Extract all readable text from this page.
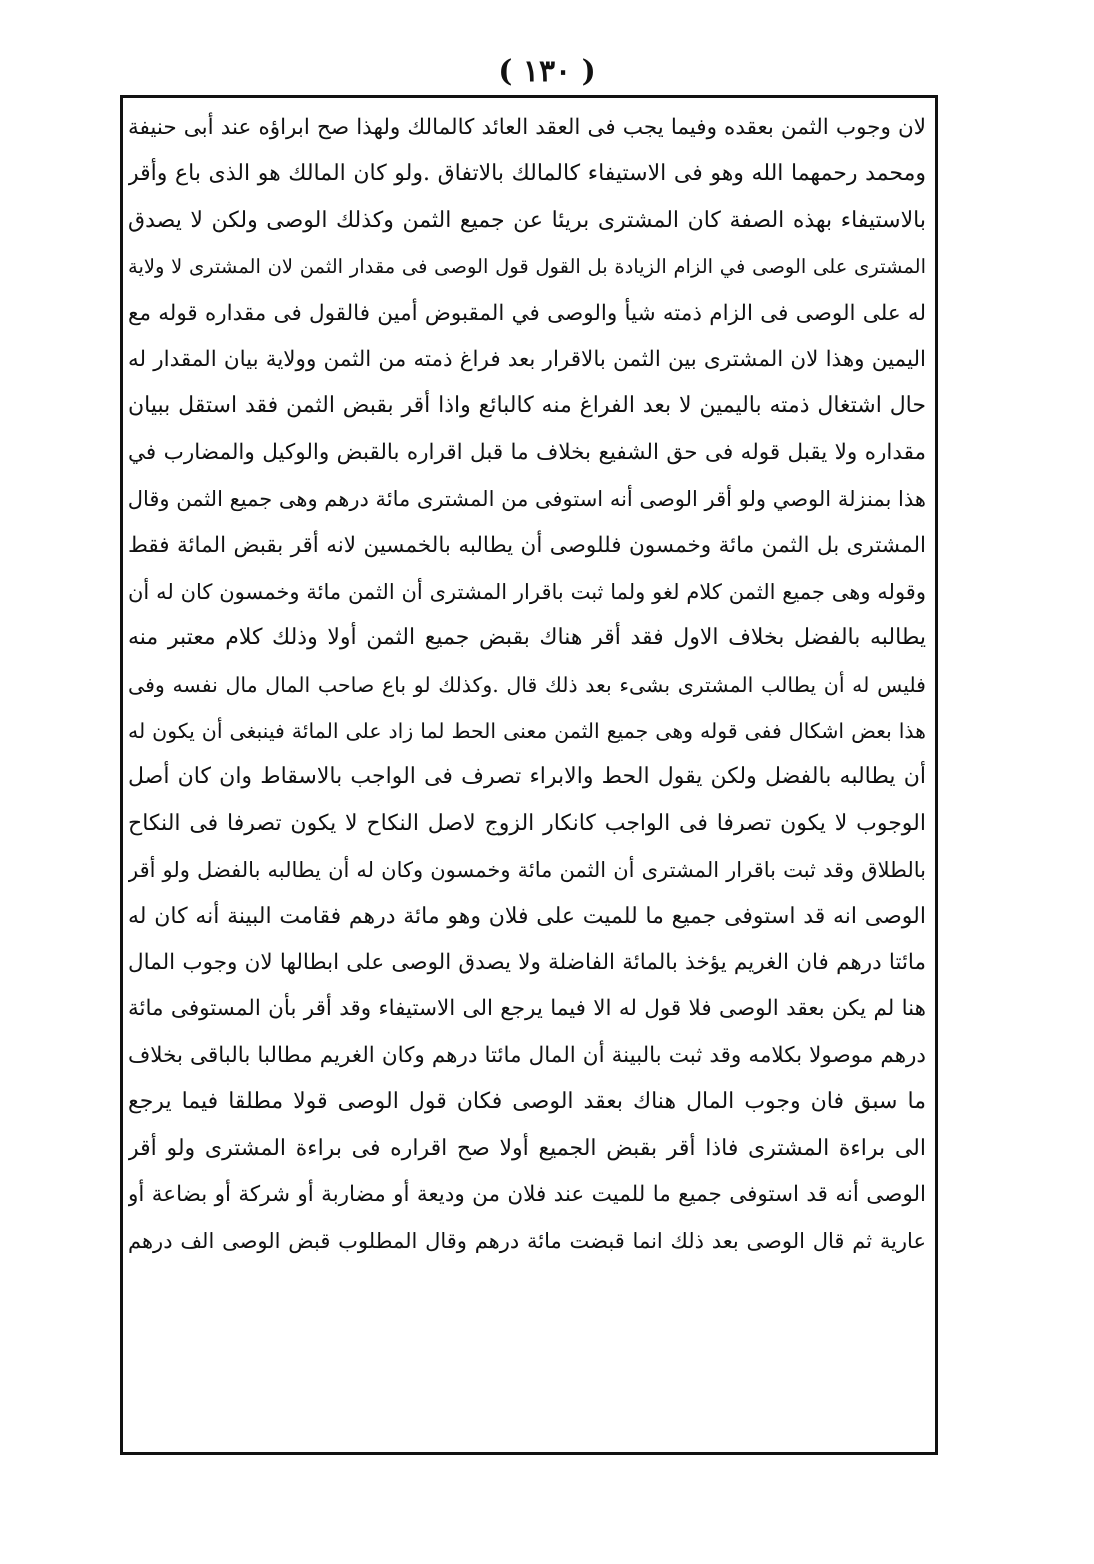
( ١٣٠ )
لان وجوب الثمن بعقده وفيما يجب فى العقد العائد كالمالك ولهذا صح ابراؤه عند أبى حنيفة
ومحمد رحمهما الله وهو فى الاستيفاء كالمالك بالاتفاق .ولو كان المالك هو الذى باع وأقر
بالاستيفاء بهذه الصفة كان المشترى بريئا عن جميع الثمن وكذلك الوصى ولكن لا يصدق
المشترى على الوصى في الزام الزيادة بل القول قول الوصى فى مقدار الثمن لان المشترى لا ولاية
له على الوصى فى الزام ذمته شيأ والوصى في المقبوض أمين فالقول فى مقداره قوله مع
اليمين وهذا لان المشترى بين الثمن بالاقرار بعد فراغ ذمته من الثمن وولاية بيان المقدار له
حال اشتغال ذمته باليمين لا بعد الفراغ منه كالبائع واذا أقر بقبض الثمن فقد استقل ببيان
مقداره ولا يقبل قوله فى حق الشفيع بخلاف ما قبل اقراره بالقبض والوكيل والمضارب في
هذا بمنزلة الوصي ولو أقر الوصى أنه استوفى من المشترى مائة درهم وهى جميع الثمن وقال
المشترى بل الثمن مائة وخمسون فللوصى أن يطالبه بالخمسين لانه أقر بقبض المائة فقط
وقوله وهى جميع الثمن كلام لغو ولما ثبت باقرار المشترى أن الثمن مائة وخمسون كان له أن
يطالبه بالفضل بخلاف الاول فقد أقر هناك بقبض جميع الثمن أولا وذلك كلام معتبر منه
فليس له أن يطالب المشترى بشىء بعد ذلك قال .وكذلك لو باع صاحب المال مال نفسه وفى
هذا بعض اشكال ففى قوله وهى جميع الثمن معنى الحط لما زاد على المائة فينبغى أن يكون له
أن يطالبه بالفضل ولكن يقول الحط والابراء تصرف فى الواجب بالاسقاط وان كان أصل
الوجوب لا يكون تصرفا فى الواجب كانكار الزوج لاصل النكاح لا يكون تصرفا فى النكاح
بالطلاق وقد ثبت باقرار المشترى أن الثمن مائة وخمسون وكان له أن يطالبه بالفضل ولو أقر
الوصى انه قد استوفى جميع ما للميت على فلان وهو مائة درهم فقامت البينة أنه كان له
مائتا درهم فان الغريم يؤخذ بالمائة الفاضلة ولا يصدق الوصى على ابطالها لان وجوب المال
هنا لم يكن بعقد الوصى فلا قول له الا فيما يرجع الى الاستيفاء وقد أقر بأن المستوفى مائة
درهم موصولا بكلامه وقد ثبت بالبينة أن المال مائتا درهم وكان الغريم مطالبا بالباقى بخلاف
ما سبق فان وجوب المال هناك بعقد الوصى فكان قول الوصى قولا مطلقا فيما يرجع
الى براءة المشترى فاذا أقر بقبض الجميع أولا صح اقراره فى براءة المشترى ولو أقر
الوصى أنه قد استوفى جميع ما للميت عند فلان من وديعة أو مضاربة أو شركة أو بضاعة أو
عارية ثم قال الوصى بعد ذلك انما قبضت مائة درهم وقال المطلوب قبض الوصى الف درهم
